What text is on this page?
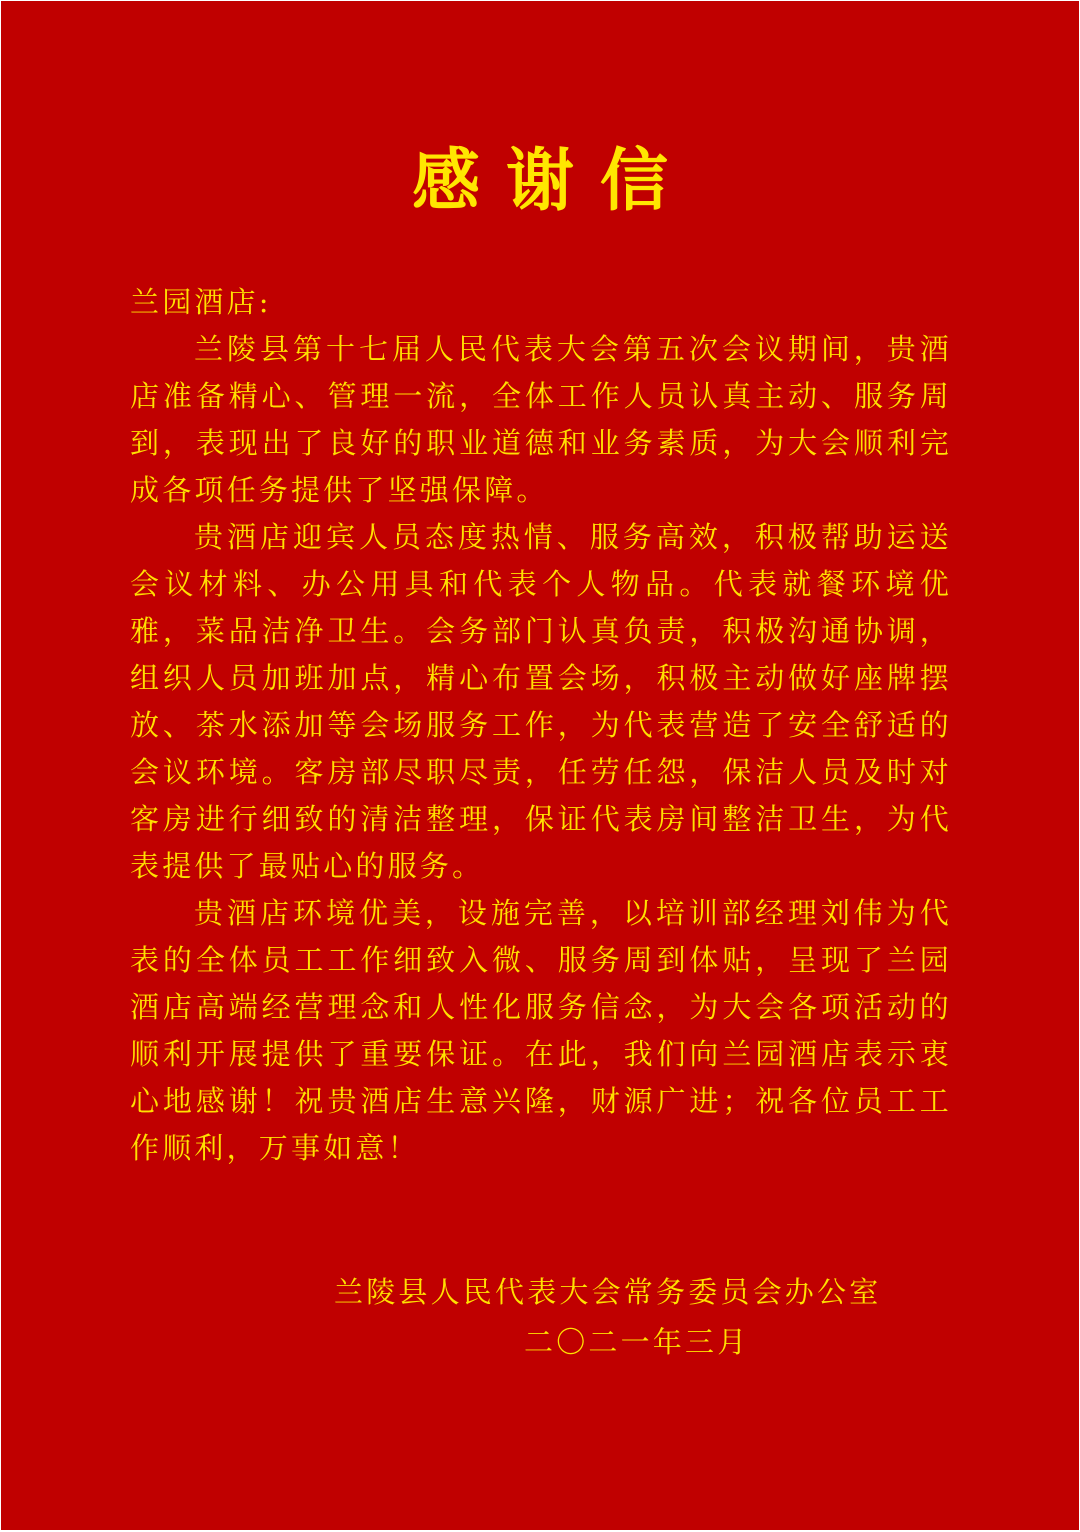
感谢信

兰园酒店:

兰陵县第十七届人民代表大会第五次会议期间，贵酒店准备精心、管理一流，全体工作人员认真主动、服务周到，表现出了良好的职业道德和业务素质，为大会顺利完成各项任务提供了坚强保障。

贵酒店迎宾人员态度热情、服务高效，积极帮助运送会议材料、办公用具和代表个人物品。代表就餐环境优雅，菜品洁净卫生。会务部门认真负责，积极沟通协调，组织人员加班加点，精心布置会场，积极主动做好座牌摆放、茶水添加等会场服务工作，为代表营造了安全舒适的会议环境。客房部尽职尽责，任劳任怨，保洁人员及时对客房进行细致的清洁整理，保证代表房间整洁卫生，为代表提供了最贴心的服务。

贵酒店环境优美，设施完善，以培训部经理刘伟为代表的全体员工工作细致入微、服务周到体贴，呈现了兰园酒店高端经营理念和人性化服务信念，为大会各项活动的顺利开展提供了重要保证。在此，我们向兰园酒店表示衷心地感谢！祝贵酒店生意兴隆，财源广进；祝各位员工工作顺利，万事如意！

兰陵县人民代表大会常务委员会办公室
二〇二一年三月
